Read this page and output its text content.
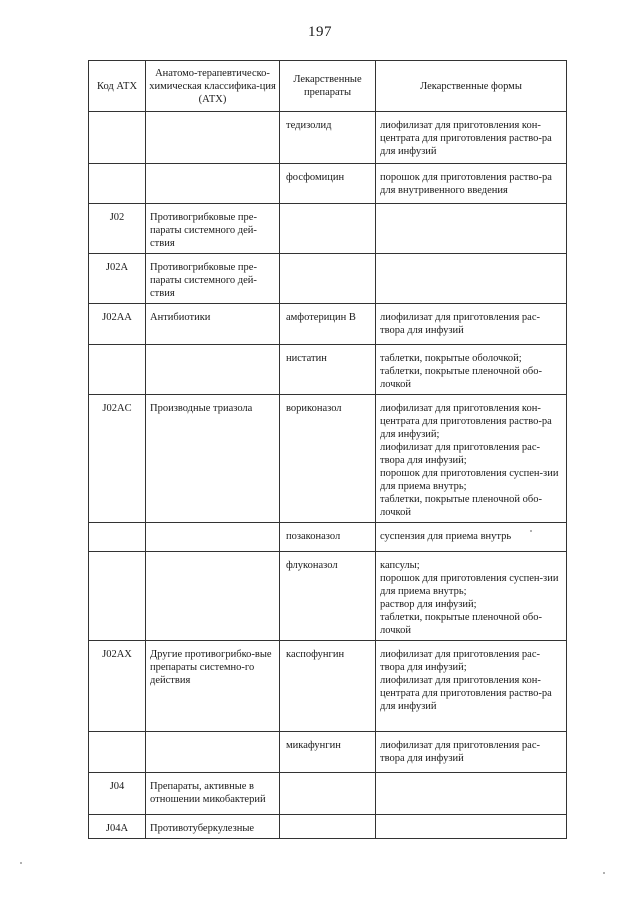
197
Код АТХ	Анатомо-терапевтическо-химическая классифика-ция (АТХ)	Лекарственные препараты	Лекарственные формы
		тедизолид	лиофилизат для приготовления кон-центрата для приготовления раство-ра для инфузий

		фосфомицин	порошок для приготовления раство-ра для внутривенного введения

J02	Противогрибковые пре-параты системного дей-ствия		
J02A	Противогрибковые пре-параты системного дей-ствия		
J02AA	Антибиотики	амфотерицин В	лиофилизат для приготовления рас-твора для инфузий

		нистатин	таблетки, покрытые оболочкой;
таблетки, покрытые пленочной обо-лочкой

J02AC	Производные триазола	вориконазол	лиофилизат для приготовления кон-центрата для приготовления раство-ра для инфузий;
лиофилизат для приготовления рас-твора для инфузий;
порошок для приготовления суспен-зии для приема внутрь;
таблетки, покрытые пленочной обо-лочкой

		позаконазол	суспензия для приема внутрь

		флуконазол	капсулы;
порошок для приготовления суспен-зии для приема внутрь;
раствор для инфузий;
таблетки, покрытые пленочной обо-лочкой

J02AX	Другие противогрибко-вые препараты системно-го действия	каспофунгин	лиофилизат для приготовления рас-твора для инфузий;
лиофилизат для приготовления кон-центрата для приготовления раство-ра для инфузий

		микафунгин	лиофилизат для приготовления рас-твора для инфузий

J04	Препараты, активные в отношении микобактерий		
J04A	Противотуберкулезные		
